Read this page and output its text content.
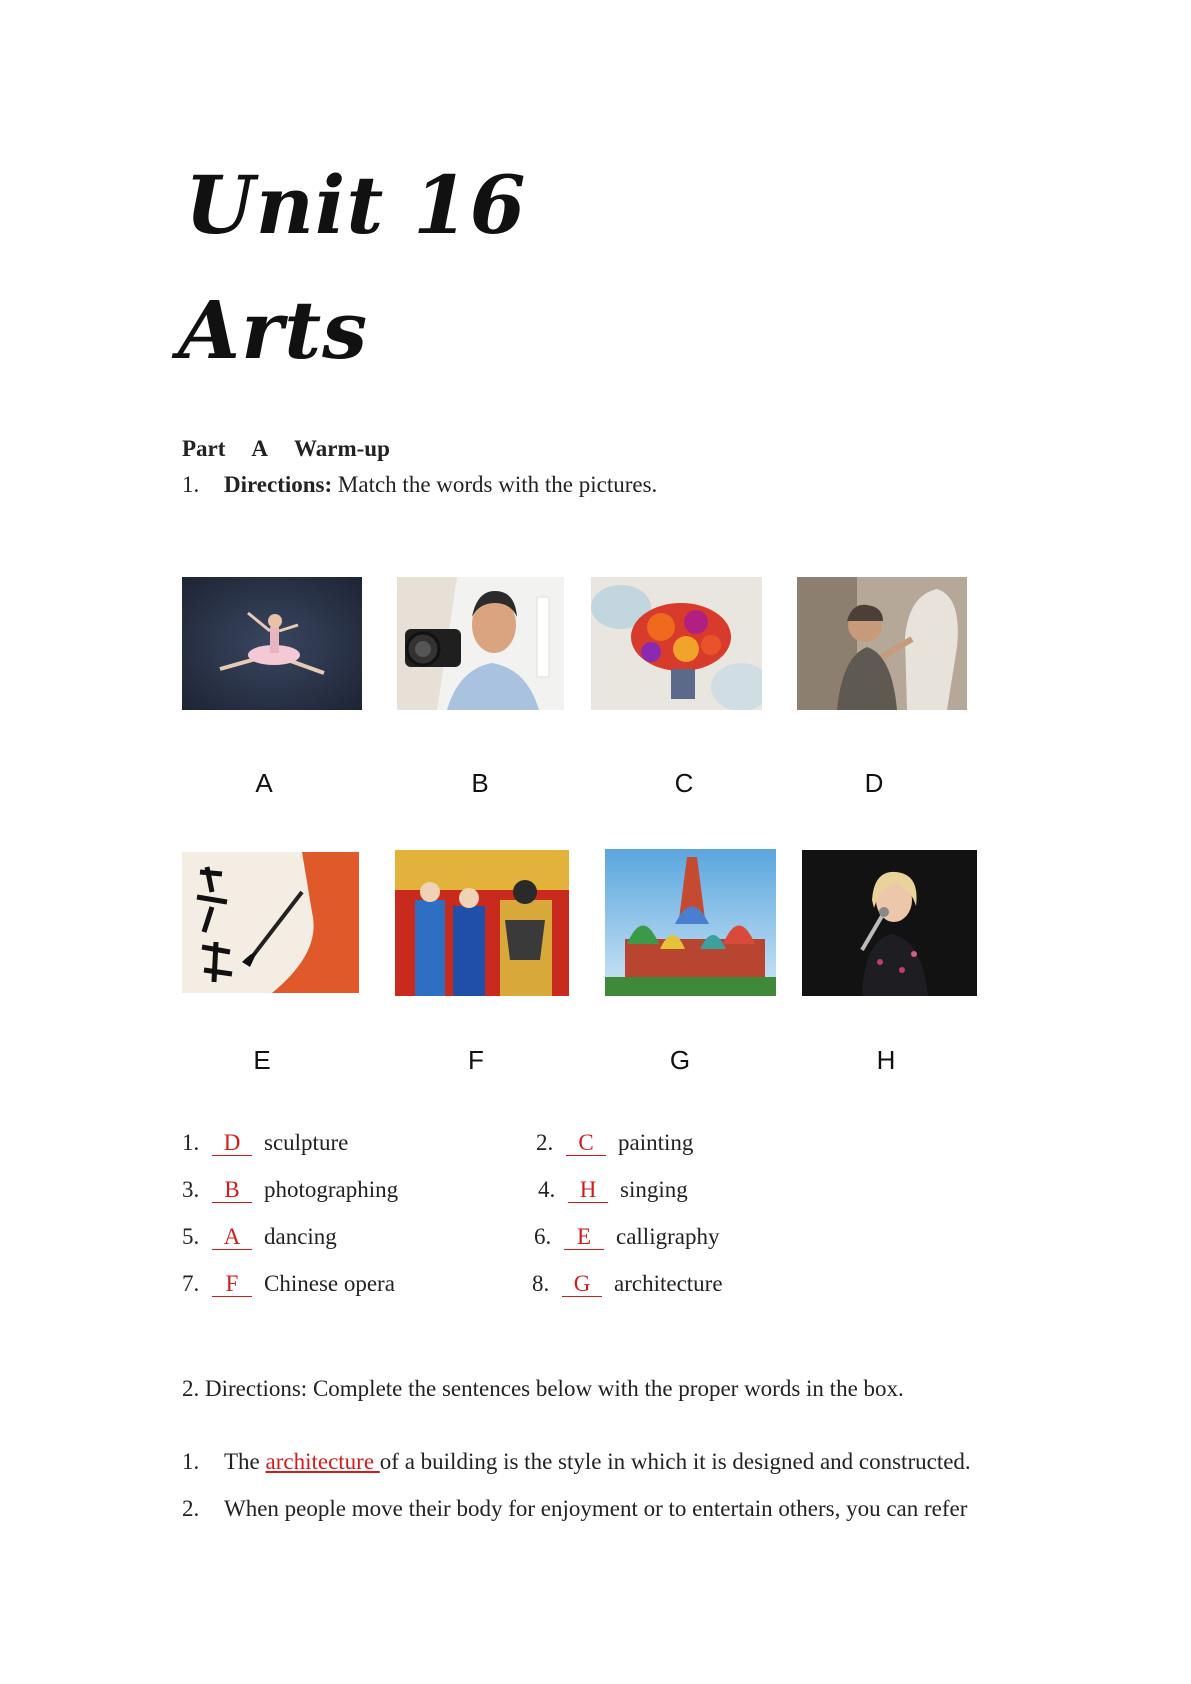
Unit 16
Arts
Part A Warm-up
1. Directions: Match the words with the pictures.
A	B	C	D
E	F	G	H
1.	D	sculpture	2.	C	painting
3.	B	photographing	4.	H	singing
5.	A	dancing	6.	E	calligraphy
7.	F	Chinese opera	8.	G	architecture
2. Directions: Complete the sentences below with the proper words in the box.
1.	The architecture of a building is the style in which it is designed and constructed.
2.	When people move their body for enjoyment or to entertain others, you can refer
